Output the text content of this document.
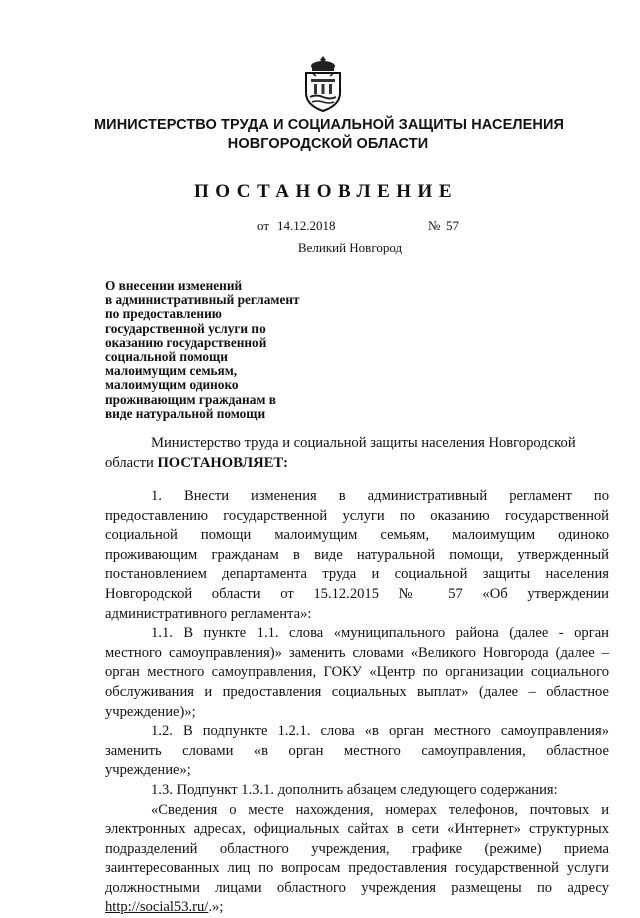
МИНИСТЕРСТВО ТРУДА И СОЦИАЛЬНОЙ ЗАЩИТЫ НАСЕЛЕНИЯ
НОВГОРОДСКОЙ ОБЛАСТИ
ПОСТАНОВЛЕНИЕ
от 14.12.2018	№ 57
Великий Новгород
О внесении изменений
в административный регламент
по предоставлению
государственной услуги по
оказанию государственной
социальной помощи
малоимущим семьям,
малоимущим одиноко
проживающим гражданам в
виде натуральной помощи
Министерство труда и социальной защиты населения Новгородской
области ПОСТАНОВЛЯЕТ:
1. Внести изменения в административный регламент по
предоставлению государственной услуги по оказанию государственной
социальной помощи малоимущим семьям, малоимущим одиноко
проживающим гражданам в виде натуральной помощи, утвержденный
постановлением департамента труда и социальной защиты населения
Новгородской области от 15.12.2015 № 57 «Об утверждении
административного регламента»:
1.1. В пункте 1.1. слова «муниципального района (далее - орган
местного самоуправления)» заменить словами «Великого Новгорода (далее –
орган местного самоуправления, ГОКУ «Центр по организации социального
обслуживания и предоставления социальных выплат» (далее – областное
учреждение)»;
1.2. В подпункте 1.2.1. слова «в орган местного самоуправления»
заменить словами «в орган местного самоуправления, областное
учреждение»;
1.3. Подпункт 1.3.1. дополнить абзацем следующего содержания:
«Сведения о месте нахождения, номерах телефонов, почтовых и
электронных адресах, официальных сайтах в сети «Интернет» структурных
подразделений областного учреждения, графике (режиме) приема
заинтересованных лиц по вопросам предоставления государственной услуги
должностными лицами областного учреждения размещены по адресу
http://social53.ru/.»;
